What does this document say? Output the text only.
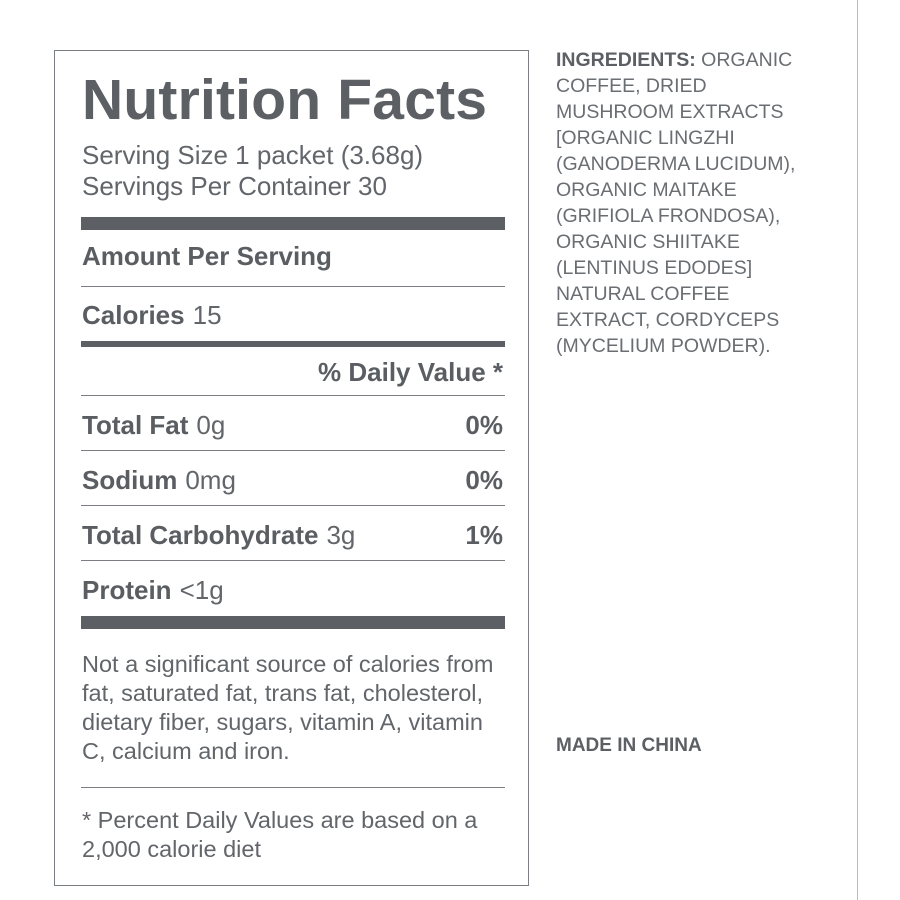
Nutrition Facts
Serving Size 1 packet (3.68g)
Servings Per Container 30
Amount Per Serving
Calories 15
% Daily Value *
Total Fat 0g	0%
Sodium 0mg	0%
Total Carbohydrate 3g	1%
Protein <1g
Not a significant source of calories from fat, saturated fat, trans fat, cholesterol, dietary fiber, sugars, vitamin A, vitamin C, calcium and iron.
* Percent Daily Values are based on a 2,000 calorie diet
INGREDIENTS: ORGANIC COFFEE, DRIED MUSHROOM EXTRACTS [ORGANIC LINGZHI (GANODERMA LUCIDUM), ORGANIC MAITAKE (GRIFIOLA FRONDOSA), ORGANIC SHIITAKE (LENTINUS EDODES] NATURAL COFFEE EXTRACT, CORDYCEPS (MYCELIUM POWDER).
MADE IN CHINA
